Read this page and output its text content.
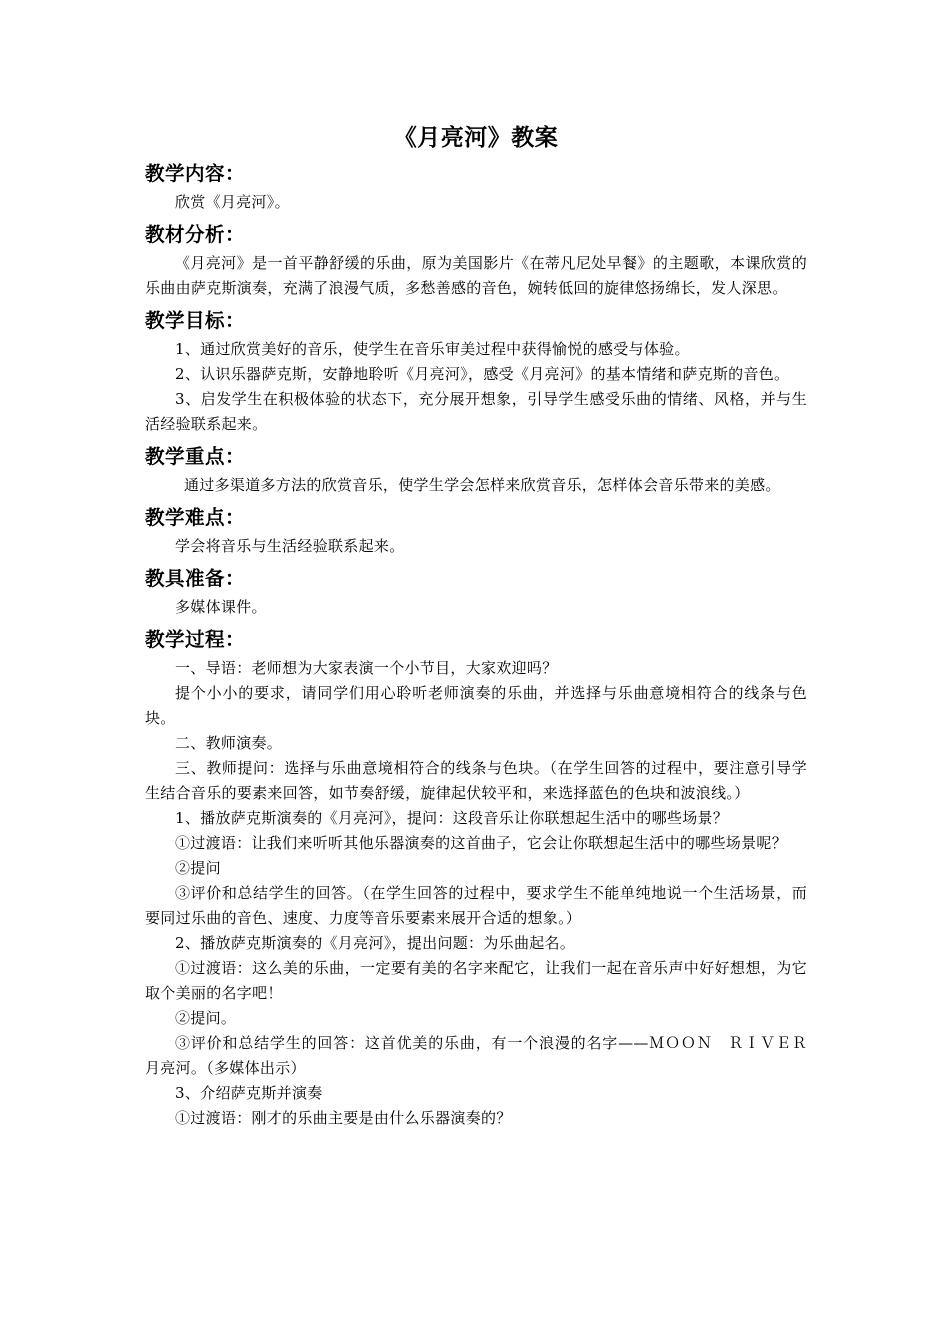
《月亮河》教案
教学内容：

欣赏《月亮河》。

教材分析：

《月亮河》是一首平静舒缓的乐曲，原为美国影片《在蒂凡尼处早餐》的主题歌，本课欣赏的乐曲由萨克斯演奏，充满了浪漫气质，多愁善感的音色，婉转低回的旋律悠扬绵长，发人深思。

教学目标：

1、通过欣赏美好的音乐，使学生在音乐审美过程中获得愉悦的感受与体验。

2、认识乐器萨克斯，安静地聆听《月亮河》，感受《月亮河》的基本情绪和萨克斯的音色。

3、启发学生在积极体验的状态下，充分展开想象，引导学生感受乐曲的情绪、风格，并与生活经验联系起来。

教学重点：

通过多渠道多方法的欣赏音乐，使学生学会怎样来欣赏音乐，怎样体会音乐带来的美感。

教学难点：

学会将音乐与生活经验联系起来。

教具准备：

多媒体课件。

教学过程：

一、导语：老师想为大家表演一个小节目，大家欢迎吗？

提个小小的要求，请同学们用心聆听老师演奏的乐曲，并选择与乐曲意境相符合的线条与色块。

二、教师演奏。

三、教师提问：选择与乐曲意境相符合的线条与色块。（在学生回答的过程中，要注意引导学生结合音乐的要素来回答，如节奏舒缓，旋律起伏较平和，来选择蓝色的色块和波浪线。）

1、播放萨克斯演奏的《月亮河》，提问：这段音乐让你联想起生活中的哪些场景？

①过渡语：让我们来听听其他乐器演奏的这首曲子，它会让你联想起生活中的哪些场景呢？

②提问

③评价和总结学生的回答。（在学生回答的过程中，要求学生不能单纯地说一个生活场景，而要同过乐曲的音色、速度、力度等音乐要素来展开合适的想象。）

2、播放萨克斯演奏的《月亮河》，提出问题：为乐曲起名。

①过渡语：这么美的乐曲，一定要有美的名字来配它，让我们一起在音乐声中好好想想，为它取个美丽的名字吧！

②提问。

③评价和总结学生的回答：这首优美的乐曲，有一个浪漫的名字——ＭＯＯＮ　ＲＩＶＥＲ　月亮河。（多媒体出示）

3、介绍萨克斯并演奏

①过渡语：刚才的乐曲主要是由什么乐器演奏的？
